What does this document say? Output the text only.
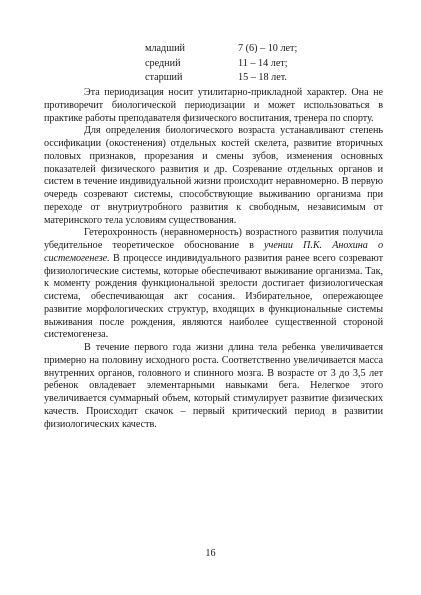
младший	7 (6) – 10 лет;
средний	11 – 14 лет;
старший	15 – 18 лет.

Эта периодизация носит утилитарно-прикладной характер. Она не противоречит биологической периодизации и может использоваться в практике работы преподавателя физического воспитания, тренера по спорту.

Для определения биологического возраста устанавливают степень оссификации (окостенения) отдельных костей скелета, развитие вторичных половых признаков, прорезания и смены зубов, изменения основных показателей физического развития и др. Созревание отдельных органов и систем в течение индивидуальной жизни происходит неравномерно. В первую очередь созревают системы, способствующие выживанию организма при переходе от внутриутробного развития к свободным, независимым от материнского тела условиям существования.

Гетерохронность (неравномерность) возрастного развития получила убедительное теоретическое обоснование в учении П.К. Анохина о системогенезе. В процессе индивидуального развития ранее всего созревают физиологические системы, которые обеспечивают выживание организма. Так, к моменту рождения функциональной зрелости достигает физиологическая система, обеспечивающая акт сосания. Избирательное, опережающее развитие морфологических структур, входящих в функциональные системы выживания после рождения, являются наиболее существенной стороной системогенеза.

В течение первого года жизни длина тела ребенка увеличивается примерно на половину исходного роста. Соответственно увеличивается масса внутренних органов, головного и спинного мозга. В возрасте от 3 до 3,5 лет ребенок овладевает элементарными навыками бега. Нелегкое этого увеличивается суммарный объем, который стимулирует развитие физических качеств. Происходит скачок – первый критический период в развитии физиологических качеств.

16
